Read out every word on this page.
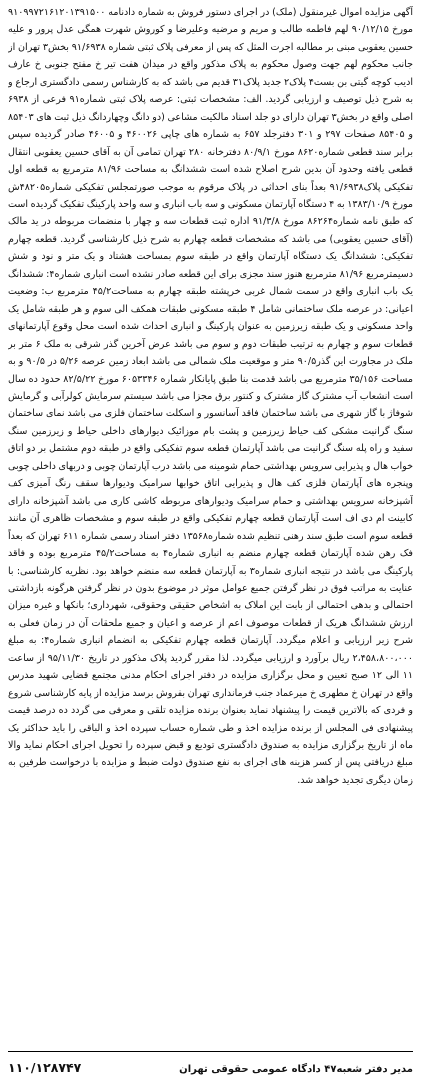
آگهی مزایده اموال غیرمنقول (ملک) در اجرای دستور فروش به شماره دادنامه ۹۱۰۹۹۷۲۱۶۱۲۰۱۳۹۱۵۰۰ مورخ ۹۰/۱۲/۱۵ لهم فاطمه طالب و مریم و مرضیه وعلیرضا و کوروش شهرت همگی عدل پرور و علیه حسین یعقوبی مبنی بر مطالبه اجرت المثل که پس از معرفی پلاک ثبتی شماره ۹۱/۶۹۳۸ بخش۳ تهران از جانب محکوم لهم جهت وصول محکوم به پلاک مذکور واقع در میدان هفت تیر خ مفتح جنوبی خ عارف ادیب کوچه گیتی بن بست۴ پلاک۲ جدید پلاک۳۱ قدیم می باشد که به کارشناس رسمی دادگستری ارجاع و به شرح ذیل توصیف و ارزیابی گردید. الف: مشخصات ثبتی: عرصه پلاک ثبتی شماره۹۱ فرعی از ۶۹۳۸ اصلی واقع در بخش۳ تهران دارای دو جلد اسناد مالکیت مشاعی (دو دانگ وچهاردانگ ذیل ثبت های ۸۵۴۰۳ و ۸۵۴۰۵ صفحات ۲۹۷ و ۳۰۱ دفترجلد ۶۵۷ به شماره های چاپی ۴۶۰۰۲۶ و ۴۶۰۰۵ صادر گردیده سپس برابر سند قطعی شماره۸۶۲۰ مورخ ۸۰/۹/۱ دفترخانه ۲۸۰ تهران تمامی آن به آقای حسین یعقوبی انتقال قطعی یافته وحدود آن بدین شرح اصلاح شده است ششدانگ به مساحت ۸۱/۹۶ مترمربع به قطعه اول تفکیکی پلاک۹۱/۶۹۳۸ بعداً بنای احداثی در پلاک مرقوم به موجب صورتمجلس تفکیکی شماره۴۸۲۰۵ش مورخ ۱۳۸۳/۱۰/۹ به ۴ دستگاه آپارتمان مسکونی و سه باب انباری و سه واحد پارکینگ تفکیک گردیده است که طبق نامه شماره۸۶۲۶۴ مورخ ۹۱/۳/۸ اداره ثبت قطعات سه و چهار با منضمات مربوطه در ید مالک (آقای حسین یعقوبی) می باشد که مشخصات قطعه چهارم به شرح ذیل کارشناسی گردید. قطعه چهارم تفکیکی: ششدانگ یک دستگاه آپارتمان واقع در طبقه سوم بمساحت هشتاد و یک متر و نود و شش دسیمترمربع ۸۱/۹۶ مترمربع هنوز سند مجزی برای این قطعه صادر نشده است انباری شماره۴: ششدانگ یک باب انباری واقع در سمت شمال غربی خرپشته طبقه چهارم به مساحت۴۵/۲ مترمربع ب: وضعیت اعیانی: در عرصه ملک ساختمانی شامل ۴ طبقه مسکونی طبقات همکف الی سوم و هر طبقه شامل یک واحد مسکونی و یک طبقه زیرزمین به عنوان پارکینگ و انباری احداث شده است محل وقوع آپارتمانهای قطعات سوم و چهارم به ترتیب طبقات دوم و سوم می باشد عرض آخرین گذر شرقی به ملک ۶ متر بر ملک در مجاورت این گذر۹۰/۵ متر و موقعیت ملک شمالی می باشد ابعاد زمین عرصه ۵/۲۶ در ۹۰/۵ و به مساحت ۳۵/۱۵۶ مترمربع می باشد قدمت بنا طبق پایانکار شماره ۶۰۵۳۳۴۶ مورخ ۸۲/۵/۲۲ حدود ده سال است انشعاب آب مشترک گاز مشترک و کنتور برق مجزا می باشد سیستم سرمایش کولرآبی و گرمایش شوفاژ با گاز شهری می باشد ساختمان فاقد آسانسور و اسکلت ساختمان فلزی می باشد نمای ساختمان سنگ گرانیت مشکی کف حیاط زیرزمین و پشت بام موزائیک دیوارهای داخلی حیاط و زیرزمین سنگ سفید و راه پله سنگ گرانیت می باشد آپارتمان قطعه سوم تفکیکی واقع در طبقه دوم مشتمل بر دو اتاق خواب هال و پذیرایی سرویس بهداشتی حمام شومینه می باشد درب آپارتمان چوبی و دربهای داخلی چوبی وپنجره های آپارتمان فلزی کف هال و پذیرایی اتاق خوابها سرامیک ودیوارها سقف رنگ آمیزی کف آشپزخانه سرویس بهداشتی و حمام سرامیک ودیوارهای مربوطه کاشی کاری می باشد آشپزخانه دارای کابینت ام دی اف است آپارتمان قطعه چهارم تفکیکی واقع در طبقه سوم و مشخصات ظاهری آن مانند قطعه سوم است طبق سند رهنی تنظیم شده شماره۱۳۵۶۸ دفتر اسناد رسمی شماره ۶۱۱ تهران که بعداً فک رهن شده آپارتمان قطعه چهارم منضم به انباری شماره۴ به مساحت۴۵/۲ مترمربع بوده و فاقد پارکینگ می باشد در نتیجه انباری شماره۳ به آپارتمان قطعه سه منضم خواهد بود. نظریه کارشناسی: با عنایت به مراتب فوق در نظر گرفتن جمیع عوامل موثر در موضوع بدون در نظر گرفتن هرگونه بازداشتی احتمالی و بدهی احتمالی از بابت این املاک به اشخاص حقیقی وحقوقی، شهرداری؛ بانکها و غیره میزان ارزش ششدانگ هریک از قطعات موصوف اعم از عرصه و اعیان و جمیع ملحقات آن در زمان فعلی به شرح زیر ارزیابی و اعلام میگردد. آپارتمان قطعه چهارم تفکیکی به انضمام انباری شماره۴: به مبلغ ۲،۴۵۸،۸۰۰،۰۰۰ ریال برآورد و ارزیابی میگردد. لذا مقرر گردید پلاک مذکور در تاریخ ۹۵/۱۱/۳۰ از ساعت ۱۱ الی ۱۲ صبح تعیین و محل برگزاری مزایده در دفتر اجرای احکام مدنی مجتمع قضایی شهید مدرس واقع در تهران خ مطهری خ میرعماد جنب فرمانداری تهران بفروش برسد مزایده از پایه کارشناسی شروع و فردی که بالاترین قیمت را پیشنهاد نماید بعنوان برنده مزایده تلقی و معرفی می گردد ده درصد قیمت پیشنهادی فی المجلس از برنده مزایده اخذ و طی شماره حساب سپرده اخذ و الباقی را باید حداکثر یک ماه از تاریخ برگزاری مزایده به صندوق دادگستری تودیع و قبض سپرده را تحویل اجرای احکام نماید والا مبلغ دریافتی پس از کسر هزینه های اجرای به نفع صندوق دولت ضبط و مزایده با درخواست طرفین به زمان دیگری تجدید خواهد شد.
مدیر دفتر شعبه۴۷ دادگاه عمومی حقوقی تهران
۱۱۰/۱۲۸۷۴۷
